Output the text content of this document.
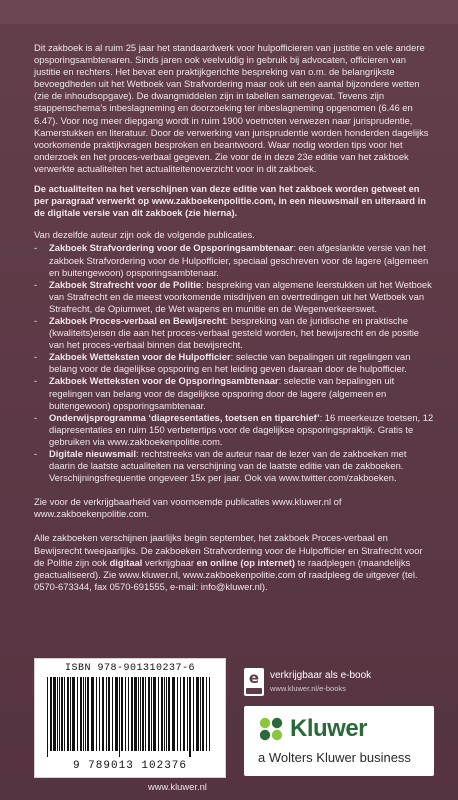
Dit zakboek is al ruim 25 jaar het standaardwerk voor hulpofficieren van justitie en vele andere opsporingsambtenaren. Sinds jaren ook veelvuldig in gebruik bij advocaten, officieren van justitie en rechters. Het bevat een praktijkgerichte bespreking van o.m. de belangrijkste bevoegdheden uit het Wetboek van Strafvordering maar ook uit een aantal bijzondere wetten (zie de inhoudsopgave). De dwangmiddelen zijn in tabellen samengevat. Tevens zijn stappenschema’s inbeslagneming en doorzoeking ter inbeslagneming opgenomen (6.46 en 6.47). Voor nog meer diepgang wordt in ruim 1900 voetnoten verwezen naar jurisprudentie, Kamerstukken en literatuur. Door de verwerking van jurisprudentie worden honderden dagelijks voorkomende praktijkvragen besproken en beantwoord. Waar nodig worden tips voor het onderzoek en het proces-verbaal gegeven. Zie voor de in deze 23e editie van het zakboek verwerkte actualiteiten het actualiteitenoverzicht voor in dit zakboek.

De actualiteiten na het verschijnen van deze editie van het zakboek worden getweet en per paragraaf verwerkt op www.zakboekenpolitie.com, in een nieuwsmail en uiteraard in de digitale versie van dit zakboek (zie hierna).

Van dezelfde auteur zijn ook de volgende publicaties.

- Zakboek Strafvordering voor de Opsporingsambtenaar: een afgeslankte versie van het zakboek Strafvordering voor de Hulpofficier, speciaal geschreven voor de lagere (algemeen en buitengewoon) opsporingsambtenaar.
- Zakboek Strafrecht voor de Politie: bespreking van algemene leerstukken uit het Wetboek van Strafrecht en de meest voorkomende misdrijven en overtredingen uit het Wetboek van Strafrecht, de Opiumwet, de Wet wapens en munitie en de Wegenverkeerswet.
- Zakboek Proces-verbaal en Bewijsrecht: bespreking van de juridische en praktische (kwaliteits)eisen die aan het proces-verbaal gesteld worden, het bewijsrecht en de positie van het proces-verbaal binnen dat bewijsrecht.
- Zakboek Wetteksten voor de Hulpofficier: selectie van bepalingen uit regelingen van belang voor de dagelijkse opsporing en het leiding geven daaraan door de hulpofficier.
- Zakboek Wetteksten voor de Opsporingsambtenaar: selectie van bepalingen uit regelingen van belang voor de dagelijkse opsporing door de lagere (algemeen en buitengewoon) opsporingsambtenaar.
- Onderwijsprogramma ‘diapresentaties, toetsen en tiparchief’: 16 meerkeuze toetsen, 12 diapresentaties en ruim 150 verbetertips voor de dagelijkse opsporingspraktijk. Gratis te gebruiken via www.zakboekenpolitie.com.
- Digitale nieuwsmail: rechtstreeks van de auteur naar de lezer van de zakboeken met daarin de laatste actualiteiten na verschijning van de laatste editie van de zakboeken. Verschijningsfrequentie ongeveer 15x per jaar. Ook via www.twitter.com/zakboeken.

Zie voor de verkrijgbaarheid van voornoemde publicaties www.kluwer.nl of www.zakboekenpolitie.com.

Alle zakboeken verschijnen jaarlijks begin september, het zakboek Proces-verbaal en Bewijsrecht tweejaarlijks. De zakboeken Strafvordering voor de Hulpofficier en Strafrecht voor de Politie zijn ook digitaal verkrijgbaar en online (op internet) te raadplegen (maandelijks geactualiseerd). Zie www.kluwer.nl, www.zakboekenpolitie.com of raadpleeg de uitgever (tel. 0570-673344, fax 0570-691555, e-mail: info@kluwer.nl).

ISBN 978-901310237-6
9 789013 102376
e	verkrijgbaar als e-book
www.kluwer.nl/e-books
Kluwer
a Wolters Kluwer business
www.kluwer.nl
